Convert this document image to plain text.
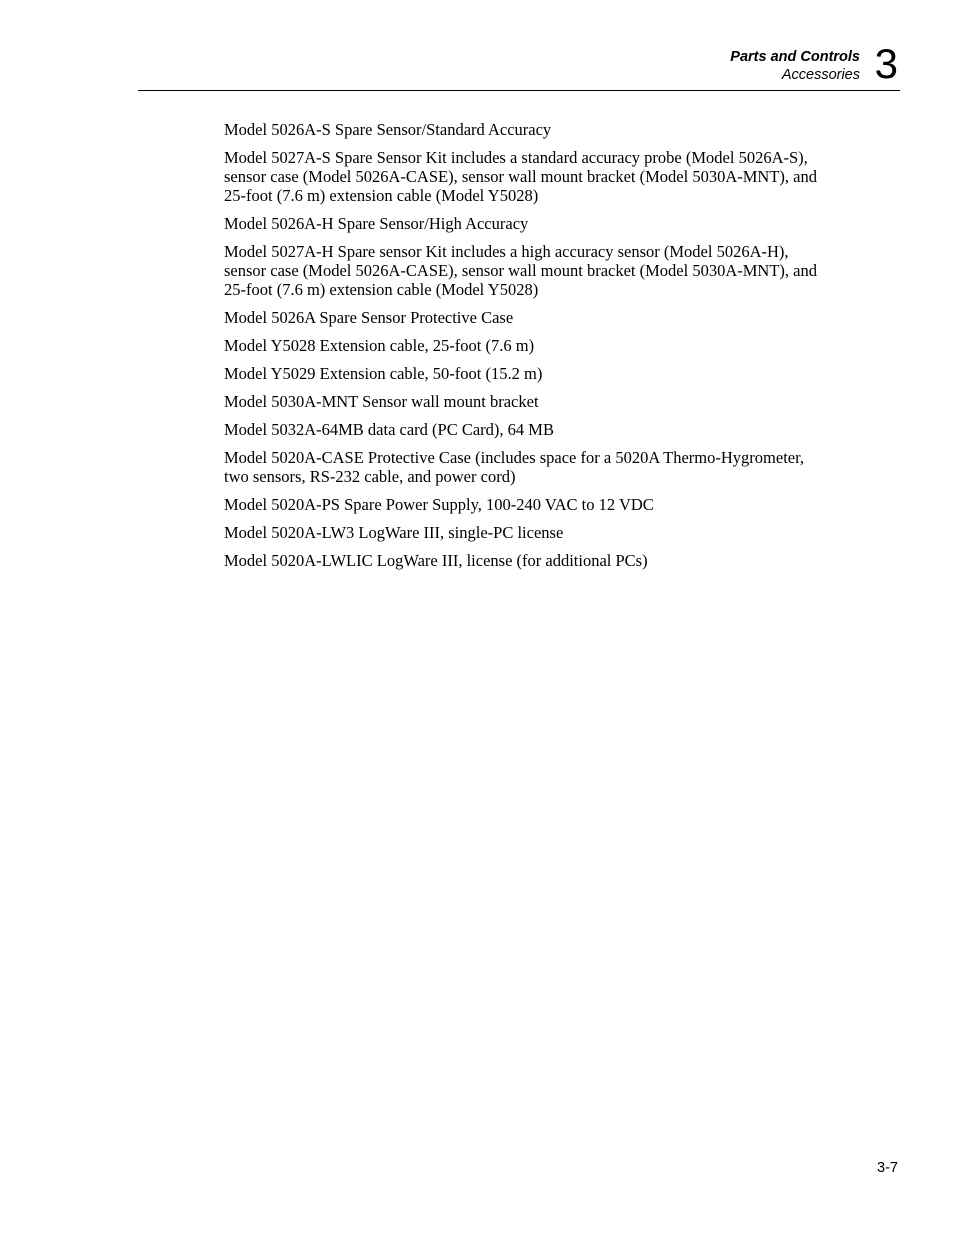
Parts and Controls
Accessories 3

Model 5026A-S Spare Sensor/Standard Accuracy

Model 5027A-S Spare Sensor Kit includes a standard accuracy probe (Model 5026A-S), sensor case (Model 5026A-CASE), sensor wall mount bracket (Model 5030A-MNT), and 25-foot (7.6 m) extension cable (Model Y5028)

Model 5026A-H Spare Sensor/High Accuracy

Model 5027A-H Spare sensor Kit includes a high accuracy sensor (Model 5026A-H), sensor case (Model 5026A-CASE), sensor wall mount bracket (Model 5030A-MNT), and 25-foot (7.6 m) extension cable (Model Y5028)

Model 5026A Spare Sensor Protective Case

Model Y5028 Extension cable, 25-foot (7.6 m)

Model Y5029 Extension cable, 50-foot (15.2 m)

Model 5030A-MNT Sensor wall mount bracket

Model 5032A-64MB data card (PC Card), 64 MB

Model 5020A-CASE Protective Case (includes space for a 5020A Thermo-Hygrometer, two sensors, RS-232 cable, and power cord)

Model 5020A-PS Spare Power Supply, 100-240 VAC to 12 VDC

Model 5020A-LW3 LogWare III, single-PC license

Model 5020A-LWLIC LogWare III, license (for additional PCs)

3-7
